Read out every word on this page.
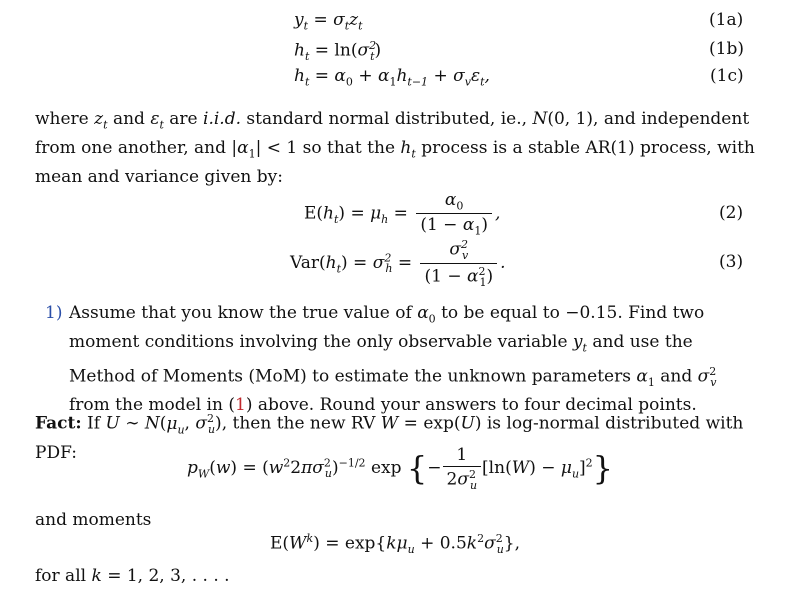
$y_t = \sigma_tz_t$	(1a)
$h_t = \ln(\sigma^2_t)$	(1b)
$h_t = \alpha_0 + \alpha_1h_{t-1} + \sigma_v\varepsilon_t$,	(1c)
where $z_t$ and $\varepsilon_t$ are i.i.d. standard normal distributed, ie., N(0, 1), and independent from one another, and $|\alpha_1| < 1$ so that the $h_t$ process is a stable AR(1) process, with mean and variance given by:
$E(h_t) = \mu_h = \frac{\alpha_0}{(1 - \alpha_1)}$ ,	(2)
$Var(h_t) = \sigma^2_h = \frac{\sigma^2_v}{(1 - \alpha^2_1)}$ .	(3)
1) Assume that you know the true value of $\alpha_0$ to be equal to −0.15. Find two moment conditions involving the only observable variable $y_t$ and use the Method of Moments (MoM) to estimate the unknown parameters $\alpha_1$ and $\sigma^2_v$ from the model in (1) above. Round your answers to four decimal points.
Fact: If U ∼ $N(\mu_u$, $\sigma^2_u$), then the new RV W = exp(U) is log-normal distributed with PDF:
$p_W(w) = (w^22\pi\sigma^2_u)^{-1/2}$ exp {− $\frac{1}{2\sigma^2_u} [\ln(W) - \mu_u]^2$}
and moments
$E(W^k) = \exp\{k\mu_u + 0.5k^2\sigma^2_u\}$,
for all k = 1, 2, 3, . . . .
